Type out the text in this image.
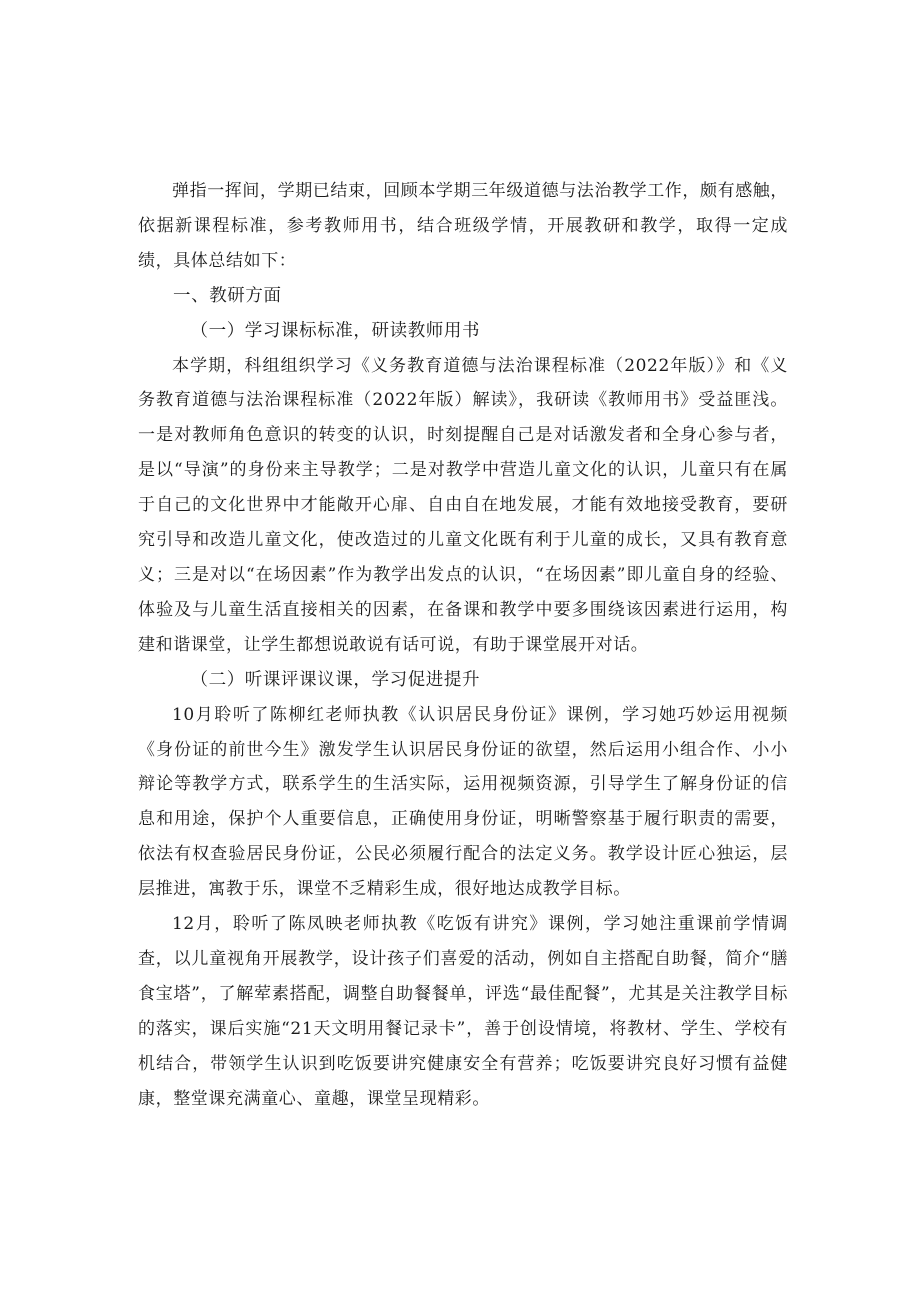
弹指一挥间，学期已结束，回顾本学期三年级道德与法治教学工作，颇有感触，依据新课程标准，参考教师用书，结合班级学情，开展教研和教学，取得一定成绩，具体总结如下：

一、教研方面

（一）学习课标标准，研读教师用书

本学期，科组组织学习《义务教育道德与法治课程标准（2022年版）》和《义务教育道德与法治课程标准（2022年版）解读》，我研读《教师用书》受益匪浅。一是对教师角色意识的转变的认识，时刻提醒自己是对话激发者和全身心参与者，是以“导演”的身份来主导教学；二是对教学中营造儿童文化的认识，儿童只有在属于自己的文化世界中才能敞开心扉、自由自在地发展，才能有效地接受教育，要研究引导和改造儿童文化，使改造过的儿童文化既有利于儿童的成长，又具有教育意义；三是对以“在场因素”作为教学出发点的认识，“在场因素”即儿童自身的经验、体验及与儿童生活直接相关的因素，在备课和教学中要多围绕该因素进行运用，构建和谐课堂，让学生都想说敢说有话可说，有助于课堂展开对话。

（二）听课评课议课，学习促进提升

10月聆听了陈柳红老师执教《认识居民身份证》课例，学习她巧妙运用视频《身份证的前世今生》激发学生认识居民身份证的欲望，然后运用小组合作、小小辩论等教学方式，联系学生的生活实际，运用视频资源，引导学生了解身份证的信息和用途，保护个人重要信息，正确使用身份证，明晰警察基于履行职责的需要，依法有权查验居民身份证，公民必须履行配合的法定义务。教学设计匠心独运，层层推进，寓教于乐，课堂不乏精彩生成，很好地达成教学目标。

12月，聆听了陈凤映老师执教《吃饭有讲究》课例，学习她注重课前学情调查，以儿童视角开展教学，设计孩子们喜爱的活动，例如自主搭配自助餐，简介“膳食宝塔”，了解荤素搭配，调整自助餐餐单，评选“最佳配餐”，尤其是关注教学目标的落实，课后实施“21天文明用餐记录卡”，善于创设情境，将教材、学生、学校有机结合，带领学生认识到吃饭要讲究健康安全有营养；吃饭要讲究良好习惯有益健康，整堂课充满童心、童趣，课堂呈现精彩。
